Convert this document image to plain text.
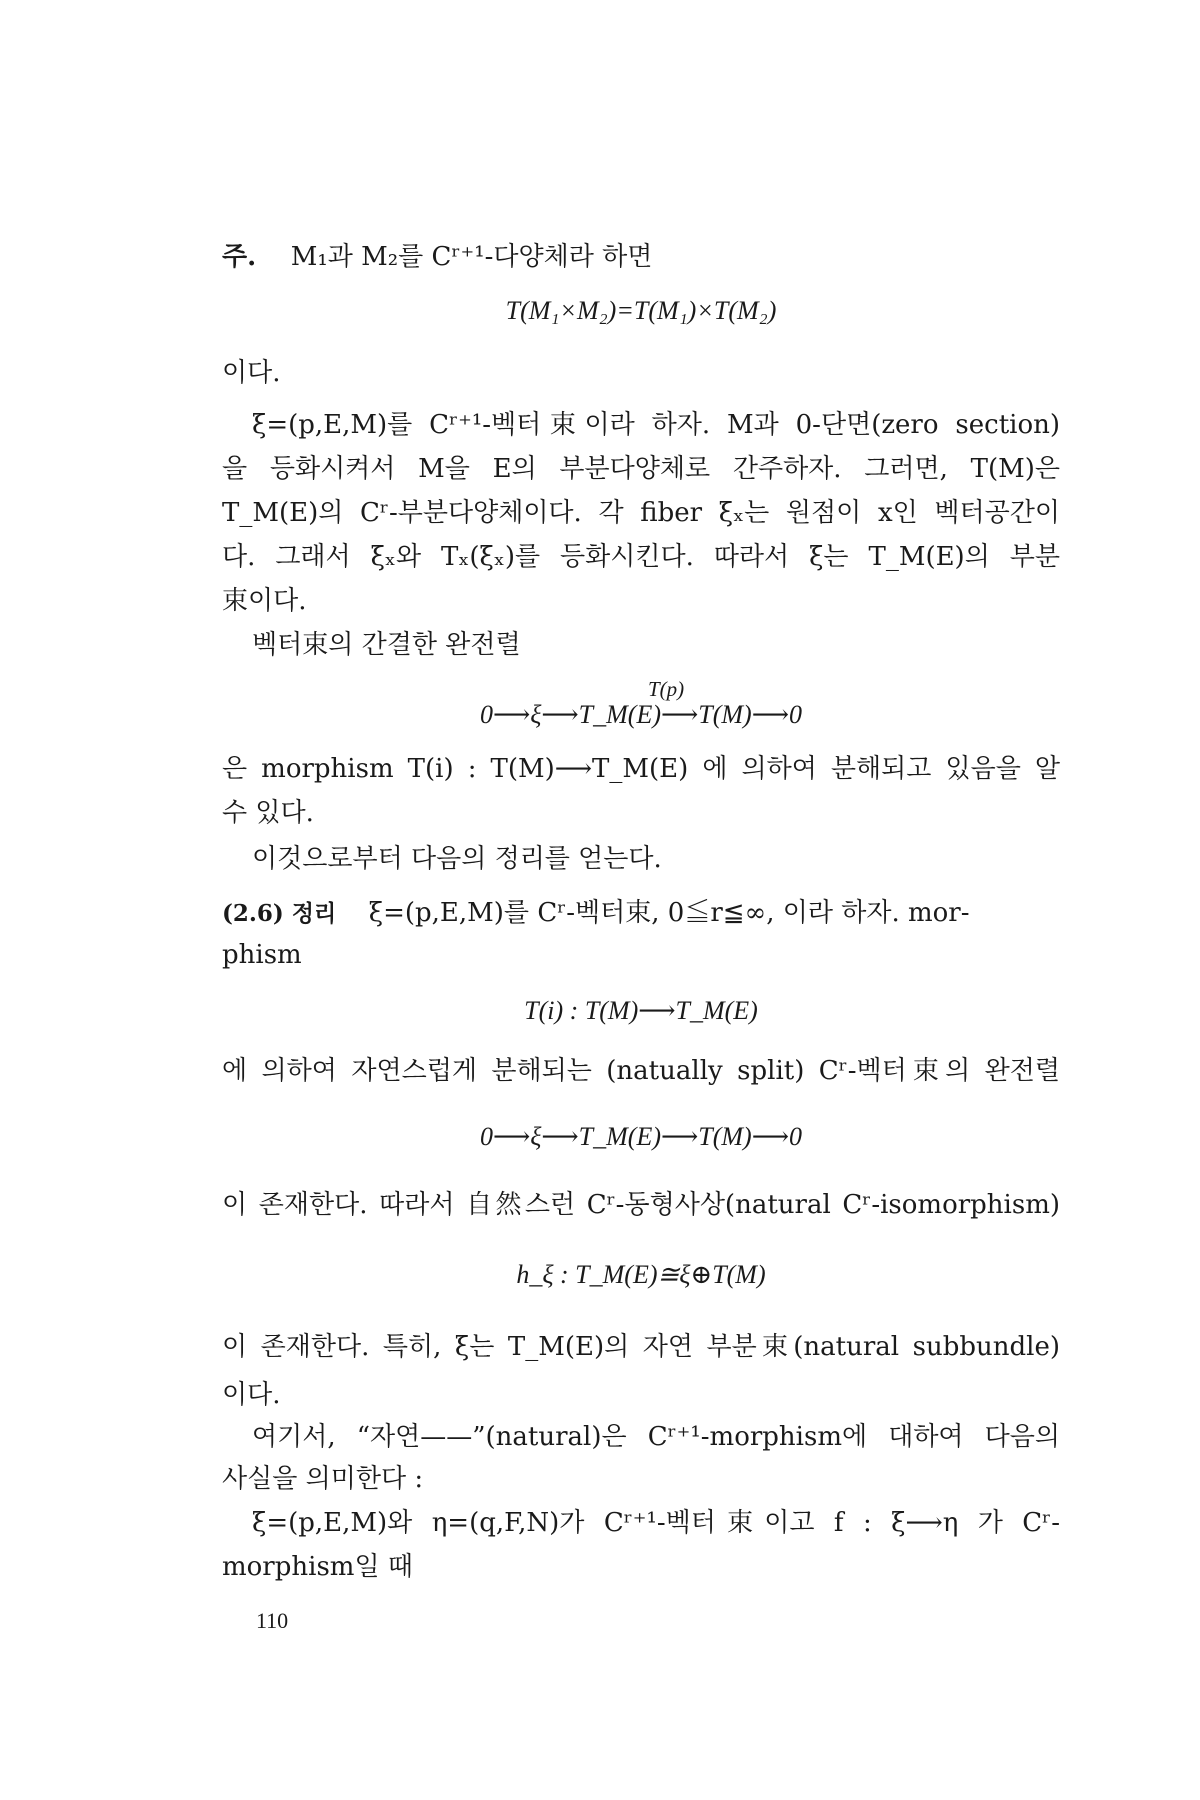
주. M₁과 M₂를 Cʳ⁺¹-다양체라 하면
T(M₁×M₂)=T(M₁)×T(M₂)
이다.
ξ=(p,E,M)를 Cʳ⁺¹-벡터束이라 하자. M과 0-단면(zero section)
을 등화시켜서 M을 E의 부분다양체로 간주하자. 그러면, T(M)은
T_M(E)의 Cʳ-부분다양체이다. 각 fiber ξₓ는 원점이 x인 벡터공간이
다. 그래서 ξₓ와 Tₓ(ξₓ)를 등화시킨다. 따라서 ξ는 T_M(E)의 부분
束이다.
벡터束의 간결한 완전렬
T(p)
0⟶ξ⟶T_M(E)⟶T(M)⟶0
은 morphism T(i) : T(M)⟶T_M(E) 에 의하여 분해되고 있음을 알
수 있다.
이것으로부터 다음의 정리를 얻는다.
(2.6) 정리 ξ=(p,E,M)를 Cʳ-벡터束, 0≦r≦∞, 이라 하자. mor-
phism
T(i) : T(M)⟶T_M(E)
에 의하여 자연스럽게 분해되는 (natually split) Cʳ-벡터束의 완전렬
0⟶ξ⟶T_M(E)⟶T(M)⟶0
이 존재한다. 따라서 自然스런 Cʳ-동형사상(natural Cʳ-isomorphism)
h_ξ : T_M(E)≅ξ⊕T(M)
이 존재한다. 특히, ξ는 T_M(E)의 자연 부분束(natural subbundle)
이다.
여기서, “자연——”(natural)은 Cʳ⁺¹-morphism에 대하여 다음의
사실을 의미한다 :
ξ=(p,E,M)와 η=(q,F,N)가 Cʳ⁺¹-벡터束이고 f : ξ⟶η 가 Cʳ-
morphism일 때
110
